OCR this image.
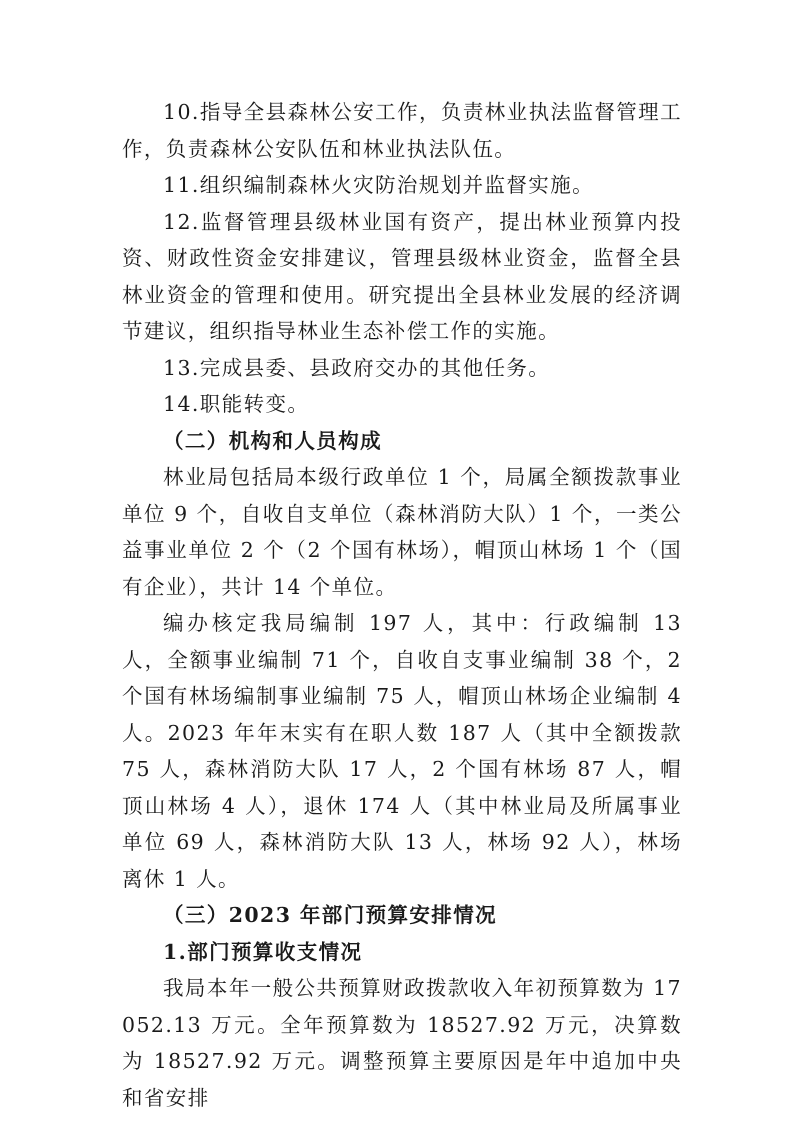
10.指导全县森林公安工作，负责林业执法监督管理工作，负责森林公安队伍和林业执法队伍。

11.组织编制森林火灾防治规划并监督实施。

12.监督管理县级林业国有资产，提出林业预算内投资、财政性资金安排建议，管理县级林业资金，监督全县林业资金的管理和使用。研究提出全县林业发展的经济调节建议，组织指导林业生态补偿工作的实施。

13.完成县委、县政府交办的其他任务。

14.职能转变。

（二）机构和人员构成

林业局包括局本级行政单位 1 个，局属全额拨款事业单位 9 个，自收自支单位（森林消防大队）1 个，一类公益事业单位 2 个（2 个国有林场），帽顶山林场 1 个（国有企业），共计 14 个单位。

编办核定我局编制 197 人，其中：行政编制 13 人，全额事业编制 71 个，自收自支事业编制 38 个，2 个国有林场编制事业编制 75 人，帽顶山林场企业编制 4 人。2023 年年末实有在职人数 187 人（其中全额拨款 75 人，森林消防大队 17 人，2 个国有林场 87 人，帽顶山林场 4 人），退休 174 人（其中林业局及所属事业单位 69 人，森林消防大队 13 人，林场 92 人），林场离休 1 人。

（三）2023 年部门预算安排情况

1.部门预算收支情况

我局本年一般公共预算财政拨款收入年初预算数为 17052.13 万元。全年预算数为 18527.92 万元，决算数为 18527.92 万元。调整预算主要原因是年中追加中央和省安排
